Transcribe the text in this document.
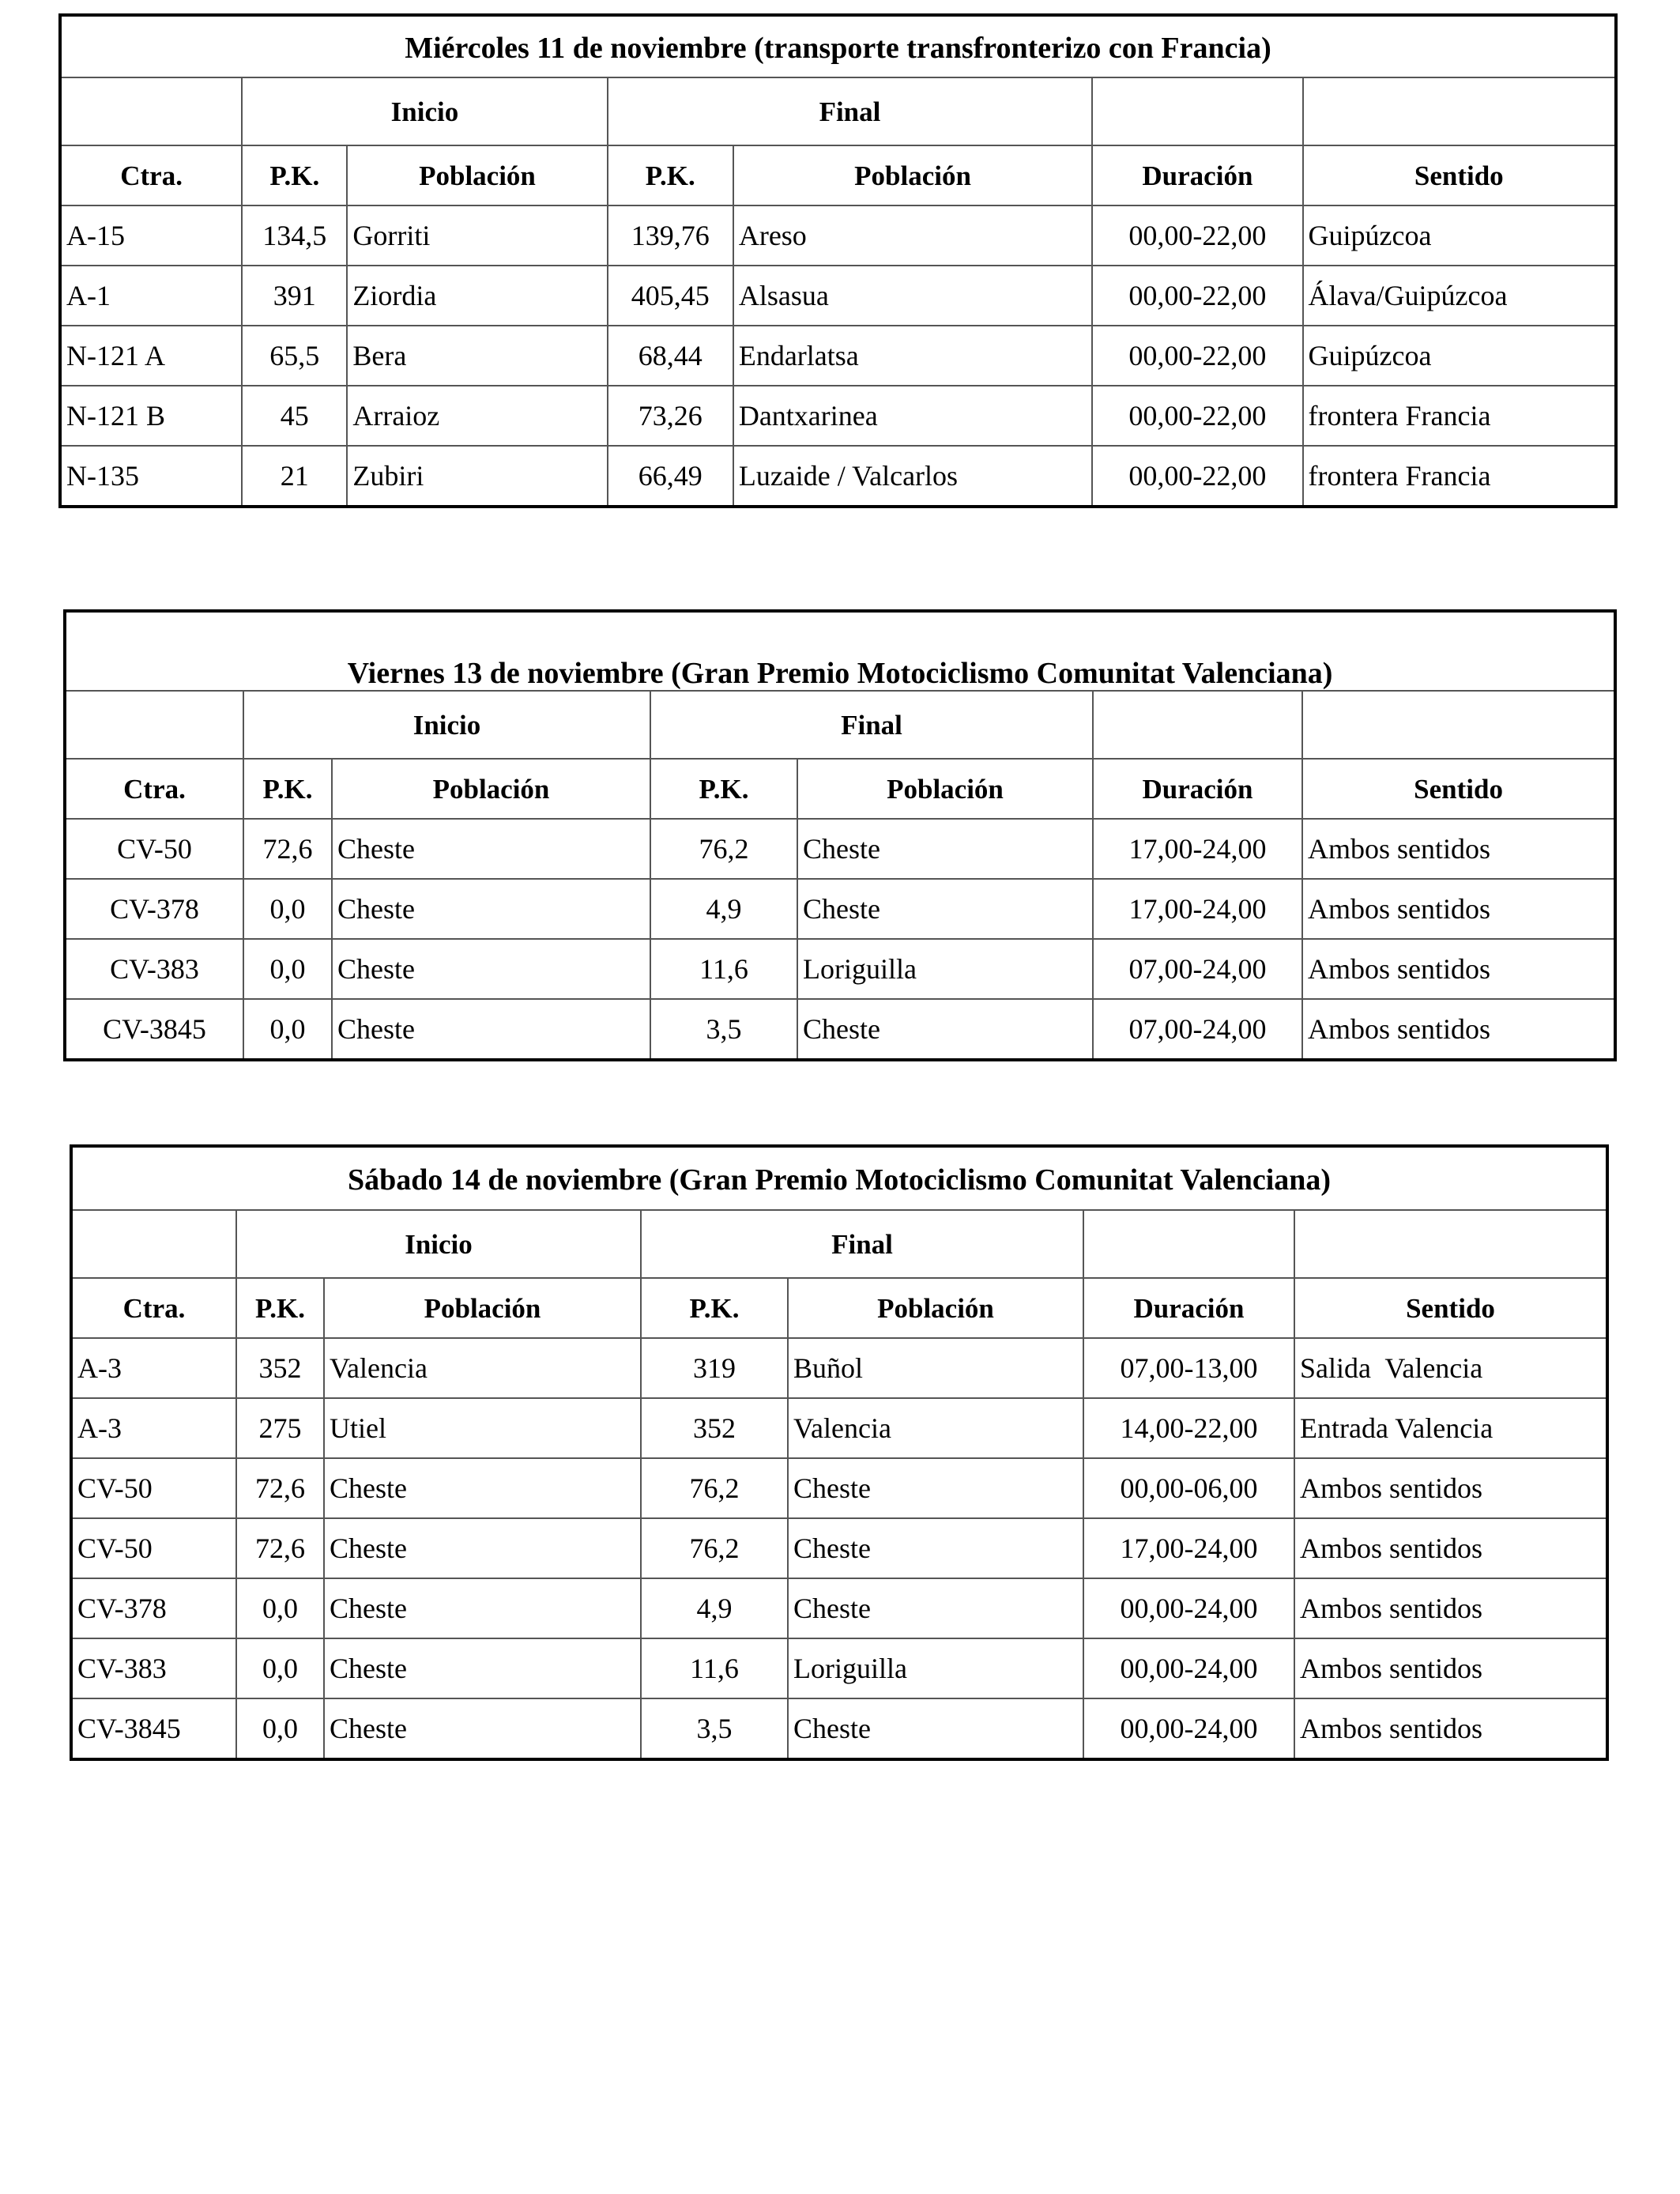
Miércoles 11 de noviembre (transporte transfronterizo con Francia)						
	Inicio		Final			
Ctra.	P.K.	Población	P.K.	Población	Duración	Sentido
A-15	134,5	Gorriti	139,76	Areso	00,00-22,00	Guipúzcoa
A-1	391	Ziordia	405,45	Alsasua	00,00-22,00	Álava/Guipúzcoa
N-121 A	65,5	Bera	68,44	Endarlatsa	00,00-22,00	Guipúzcoa
N-121 B	45	Arraioz	73,26	Dantxarinea	00,00-22,00	frontera Francia
N-135	21	Zubiri	66,49	Luzaide / Valcarlos	00,00-22,00	frontera Francia
Viernes 13 de noviembre (Gran Premio Motociclismo Comunitat Valenciana)						
	Inicio		Final			
Ctra.	P.K.	Población	P.K.	Población	Duración	Sentido
CV-50	72,6	Cheste	76,2	Cheste	17,00-24,00	Ambos sentidos
CV-378	0,0	Cheste	4,9	Cheste	17,00-24,00	Ambos sentidos
CV-383	0,0	Cheste	11,6	Loriguilla	07,00-24,00	Ambos sentidos
CV-3845	0,0	Cheste	3,5	Cheste	07,00-24,00	Ambos sentidos
Sábado 14 de noviembre (Gran Premio Motociclismo Comunitat Valenciana)						
	Inicio		Final			
Ctra.	P.K.	Población	P.K.	Población	Duración	Sentido
A-3	352	Valencia	319	Buñol	07,00-13,00	Salida  Valencia
A-3	275	Utiel	352	Valencia	14,00-22,00	Entrada Valencia
CV-50	72,6	Cheste	76,2	Cheste	00,00-06,00	Ambos sentidos
CV-50	72,6	Cheste	76,2	Cheste	17,00-24,00	Ambos sentidos
CV-378	0,0	Cheste	4,9	Cheste	00,00-24,00	Ambos sentidos
CV-383	0,0	Cheste	11,6	Loriguilla	00,00-24,00	Ambos sentidos
CV-3845	0,0	Cheste	3,5	Cheste	00,00-24,00	Ambos sentidos
